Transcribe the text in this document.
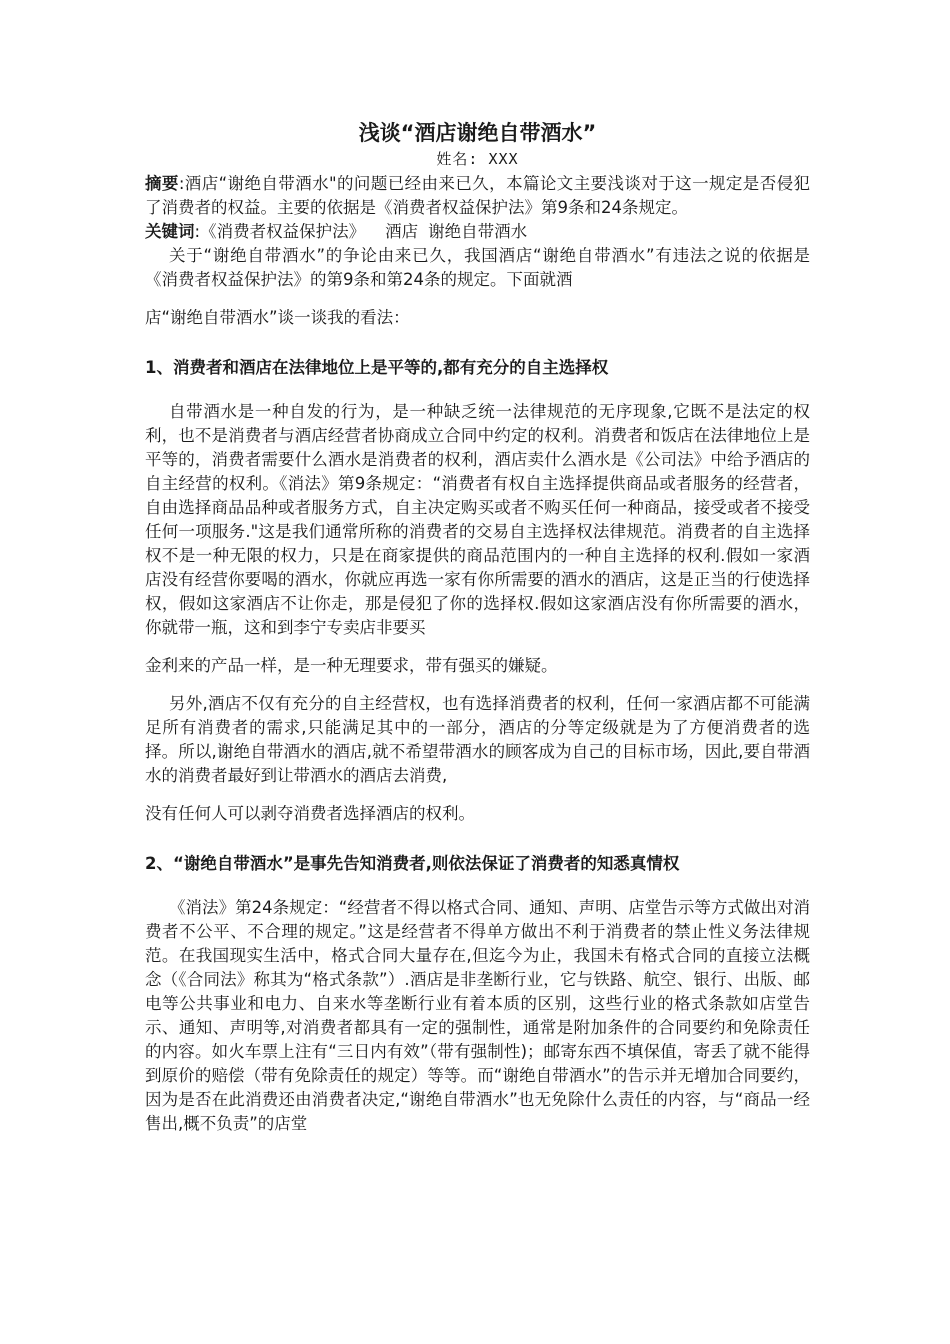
浅谈“酒店谢绝自带酒水”

姓名: XXX

摘要:酒店“谢绝自带酒水"的问题已经由来已久，本篇论文主要浅谈对于这一规定是否侵犯了消费者的权益。主要的依据是《消费者权益保护法》第9条和24条规定。

关键词:《消费者权益保护法》 酒店 谢绝自带酒水

关于“谢绝自带酒水”的争论由来已久，我国酒店“谢绝自带酒水”有违法之说的依据是《消费者权益保护法》的第9条和第24条的规定。下面就酒

店“谢绝自带酒水”谈一谈我的看法：

1、消费者和酒店在法律地位上是平等的,都有充分的自主选择权

自带酒水是一种自发的行为，是一种缺乏统一法律规范的无序现象,它既不是法定的权利，也不是消费者与酒店经营者协商成立合同中约定的权利。消费者和饭店在法律地位上是平等的，消费者需要什么酒水是消费者的权利，酒店卖什么酒水是《公司法》中给予酒店的自主经营的权利。《消法》第9条规定：“消费者有权自主选择提供商品或者服务的经营者，自由选择商品品种或者服务方式，自主决定购买或者不购买任何一种商品，接受或者不接受任何一项服务."这是我们通常所称的消费者的交易自主选择权法律规范。消费者的自主选择权不是一种无限的权力，只是在商家提供的商品范围内的一种自主选择的权利.假如一家酒店没有经营你要喝的酒水，你就应再选一家有你所需要的酒水的酒店，这是正当的行使选择权，假如这家酒店不让你走，那是侵犯了你的选择权.假如这家酒店没有你所需要的酒水，你就带一瓶，这和到李宁专卖店非要买

金利来的产品一样，是一种无理要求，带有强买的嫌疑。

另外,酒店不仅有充分的自主经营权，也有选择消费者的权利，任何一家酒店都不可能满足所有消费者的需求,只能满足其中的一部分，酒店的分等定级就是为了方便消费者的选择。所以,谢绝自带酒水的酒店,就不希望带酒水的顾客成为自己的目标市场，因此,要自带酒水的消费者最好到让带酒水的酒店去消费,

没有任何人可以剥夺消费者选择酒店的权利。

2、“谢绝自带酒水”是事先告知消费者,则依法保证了消费者的知悉真情权

《消法》第24条规定：“经营者不得以格式合同、通知、声明、店堂告示等方式做出对消费者不公平、不合理的规定。”这是经营者不得单方做出不利于消费者的禁止性义务法律规范。在我国现实生活中，格式合同大量存在,但迄今为止，我国未有格式合同的直接立法概念（《合同法》称其为“格式条款”）.酒店是非垄断行业，它与铁路、航空、银行、出版、邮电等公共事业和电力、自来水等垄断行业有着本质的区别，这些行业的格式条款如店堂告示、通知、声明等,对消费者都具有一定的强制性，通常是附加条件的合同要约和免除责任的内容。如火车票上注有“三日内有效”（带有强制性)；邮寄东西不填保值，寄丢了就不能得到原价的赔偿（带有免除责任的规定）等等。而“谢绝自带酒水”的告示并无增加合同要约，因为是否在此消费还由消费者决定,“谢绝自带酒水”也无免除什么责任的内容，与“商品一经售出,概不负责”的店堂
